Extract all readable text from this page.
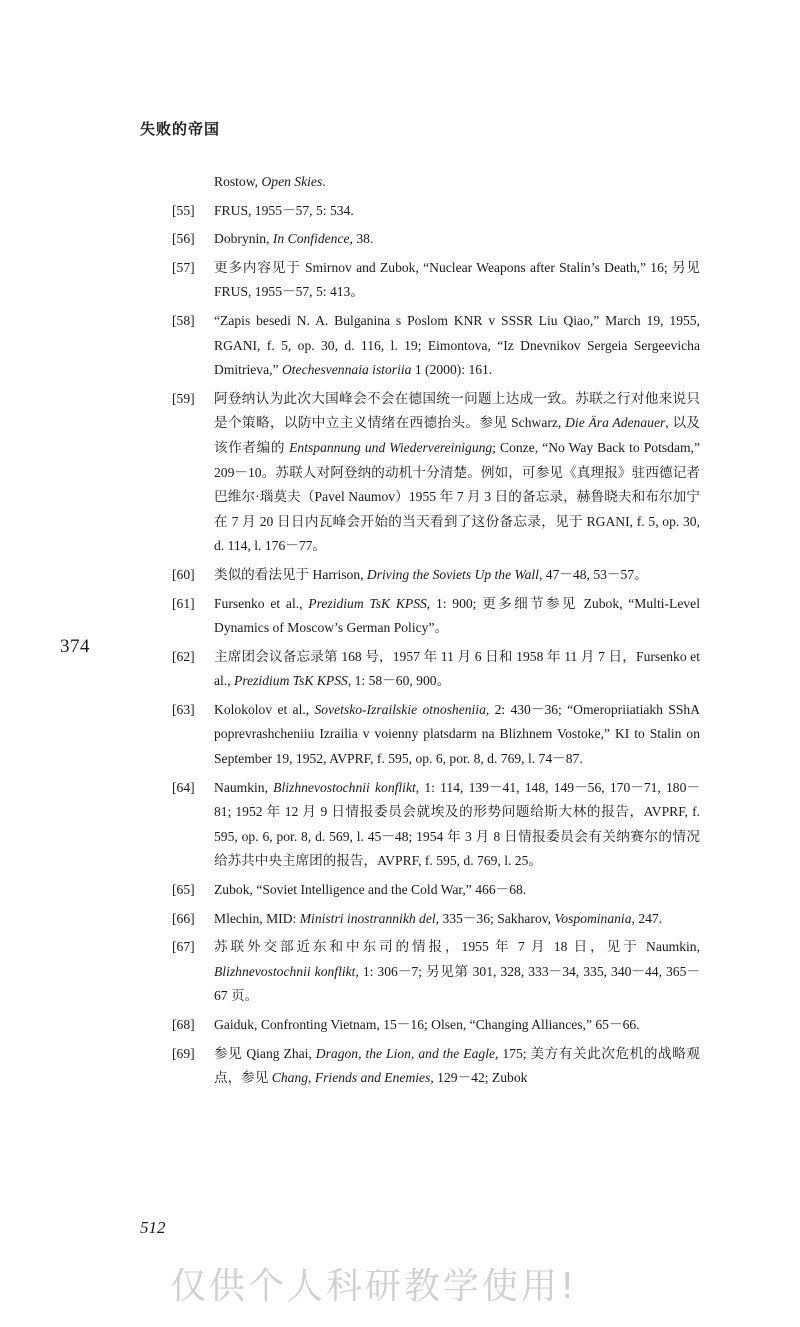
失败的帝国
374
Rostow, Open Skies.
[55]	FRUS, 1955－57, 5: 534.
[56]	Dobrynin, In Confidence, 38.
[57]	更多内容见于 Smirnov and Zubok, “Nuclear Weapons after Stalin’s Death,” 16; 另见 FRUS, 1955－57, 5: 413。
[58]	“Zapis besedi N. A. Bulganina s Poslom KNR v SSSR Liu Qiao,” March 19, 1955, RGANI, f. 5, op. 30, d. 116, l. 19; Eimontova, “Iz Dnevnikov Sergeia Sergeevicha Dmitrieva,” Otechesvennaia istoriia 1 (2000): 161.
[59]	阿登纳认为此次大国峰会不会在德国统一问题上达成一致。苏联之行对他来说只是个策略，以防中立主义情绪在西德抬头。参见 Schwarz, Die Ära Adenauer, 以及该作者编的 Entspannung und Wiedervereinigung; Conze, “No Way Back to Potsdam,” 209－10。苏联人对阿登纳的动机十分清楚。例如，可参见《真理报》驻西德记者巴维尔·瑙莫夫（Pavel Naumov）1955 年 7 月 3 日的备忘录，赫鲁晓夫和布尔加宁在 7 月 20 日日内瓦峰会开始的当天看到了这份备忘录，见于 RGANI, f. 5, op. 30, d. 114, l. 176－77。
[60]	类似的看法见于 Harrison, Driving the Soviets Up the Wall, 47－48, 53－57。
[61]	Fursenko et al., Prezidium TsK KPSS, 1: 900; 更多细节参见 Zubok, “Multi-Level Dynamics of Moscow’s German Policy”。
[62]	主席团会议备忘录第 168 号，1957 年 11 月 6 日和 1958 年 11 月 7 日，Fursenko et al., Prezidium TsK KPSS, 1: 58－60, 900。
[63]	Kolokolov et al., Sovetsko-Izrailskie otnosheniia, 2: 430－36; “Omeropriiatiakh SShA poprevrashcheniiu Izrailia v voienny platsdarm na Blizhnem Vostoke,” KI to Stalin on September 19, 1952, AVPRF, f. 595, op. 6, por. 8, d. 769, l. 74－87.
[64]	Naumkin, Blizhnevostochnii konflikt, 1: 114, 139－41, 148, 149－56, 170－71, 180－81; 1952 年 12 月 9 日情报委员会就埃及的形势问题给斯大林的报告，AVPRF, f. 595, op. 6, por. 8, d. 569, l. 45－48; 1954 年 3 月 8 日情报委员会有关纳赛尔的情况给苏共中央主席团的报告，AVPRF, f. 595, d. 769, l. 25。
[65]	Zubok, “Soviet Intelligence and the Cold War,” 466－68.
[66]	Mlechin, MID: Ministri inostrannikh del, 335－36; Sakharov, Vospominania, 247.
[67]	苏联外交部近东和中东司的情报，1955 年 7 月 18 日，见于 Naumkin, Blizhnevostochnii konflikt, 1: 306－7; 另见第 301, 328, 333－34, 335, 340－44, 365－67 页。
[68]	Gaiduk, Confronting Vietnam, 15－16; Olsen, “Changing Alliances,” 65－66.
[69]	参见 Qiang Zhai, Dragon, the Lion, and the Eagle, 175; 美方有关此次危机的战略观点，参见 Chang, Friends and Enemies, 129－42; Zubok
512
仅供个人科研教学使用!
